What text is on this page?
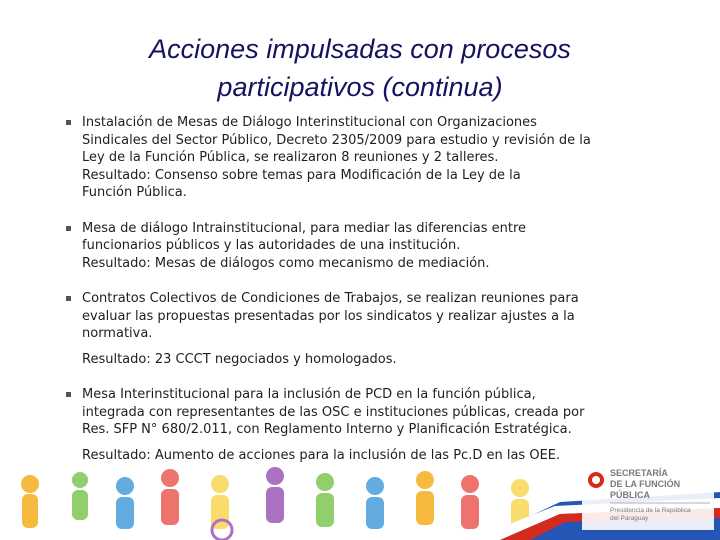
Acciones impulsadas con procesos
participativos (continua)

Instalación de Mesas de Diálogo Interinstitucional con Organizaciones

Sindicales del Sector Público, Decreto 2305/2009 para estudio y revisión de la

Ley de la Función Pública, se realizaron 8 reuniones y 2 talleres.

Resultado: Consenso sobre temas para Modificación de la Ley de la

Función Pública.

Mesa de diálogo Intrainstitucional, para mediar las diferencias entre

funcionarios públicos y las autoridades de una institución.

Resultado: Mesas de diálogos como mecanismo de mediación.

Contratos Colectivos de Condiciones de Trabajos, se realizan reuniones para

evaluar las propuestas presentadas por los sindicatos y realizar ajustes a la

normativa.

Resultado: 23 CCCT negociados y homologados.

Mesa Interinstitucional para la inclusión de PCD en la función pública,

integrada con representantes de las OSC e instituciones públicas, creada por

Res. SFP N° 680/2.011, con Reglamento Interno y Planificación Estratégica.

Resultado: Aumento de acciones para la inclusión de las Pc.D en las OEE.

SECRETARÍA
DE LA FUNCIÓN
PÚBLICA
Presidencia de la República
del Paraguay
